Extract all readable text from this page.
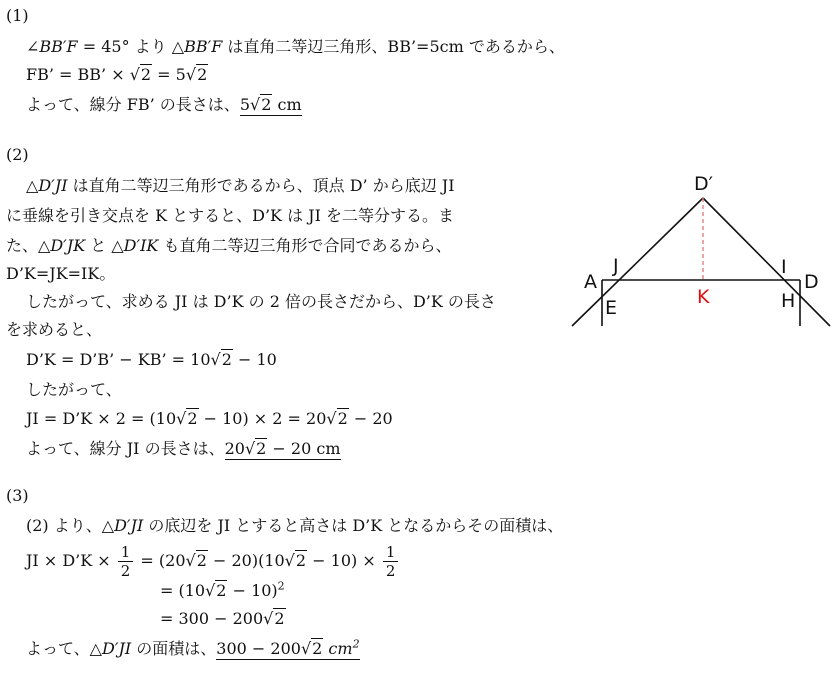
(1)
∠BB′F = 45° より △BB′F は直角二等辺三角形、BB’=5cm であるから、
FB’ = BB’ × √2 = 5√2
よって、線分 FB’ の長さは、5√2 cm
(2)
△D′JI は直角二等辺三角形であるから、頂点 D’ から底辺 JI
に垂線を引き交点を K とすると、D’K は JI を二等分する。ま
た、△D′JK と △D′IK も直角二等辺三角形で合同であるから、
D’K=JK=IK。
したがって、求める JI は D’K の 2 倍の長さだから、D’K の長さ
を求めると、
D’K = D’B’ − KB’ = 10√2 − 10
したがって、
JI = D’K × 2 = (10√2 − 10) × 2 = 20√2 − 20
よって、線分 JI の長さは、20√2 − 20 cm
(3)
(2) より、△D′JI の底辺を JI とすると高さは D’K となるからその面積は、
JI × D’K × $\frac{1}{2} = (20√2 - 20)(10√2 - 10) \times \frac{1}{2}$
= $(10√2 - 10)^2$
= 300 − 200√2
よって、△D′JI の面積は、300 − 200√2 $cm^2$
D′
A
J	I
D
E	K	H
